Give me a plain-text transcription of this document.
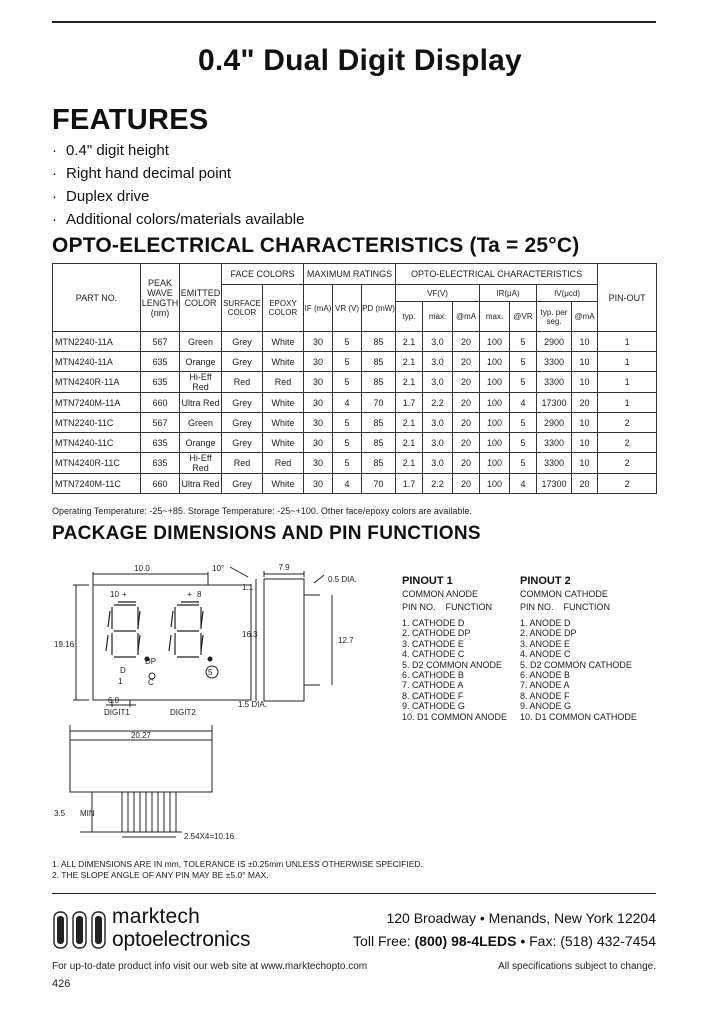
0.4" Dual Digit Display
FEATURES
· 0.4" digit height
· Right hand decimal point
· Duplex drive
· Additional colors/materials available
OPTO-ELECTRICAL CHARACTERISTICS (Ta = 25°C)
PART NO.	PEAK WAVE LENGTH (nm)	EMITTED COLOR	FACE COLORS		MAXIMUM RATINGS			OPTO-ELECTRICAL CHARACTERISTICS							PIN-OUT
			SURFACE COLOR	EPOXY COLOR	IF (mA)	VR (V)	PD (mW)	VF(V)			IR(μA)		IV(μcd)		
								typ.	max.	@mA	max.	@VR	typ. per seg.	@mA	
MTN2240-11A	567	Green	Grey	White	30	5	85	2.1	3.0	20	100	5	2900	10	1
MTN4240-11A	635	Orange	Grey	White	30	5	85	2.1	3.0	20	100	5	3300	10	1
MTN4240R-11A	635	Hi-Eff Red	Red	Red	30	5	85	2.1	3.0	20	100	5	3300	10	1
MTN7240M-11A	660	Ultra Red	Grey	White	30	4	70	1.7	2.2	20	100	4	17300	20	1
MTN2240-11C	567	Green	Grey	White	30	5	85	2.1	3.0	20	100	5	2900	10	2
MTN4240-11C	635	Orange	Grey	White	30	5	85	2.1	3.0	20	100	5	3300	10	2
MTN4240R-11C	635	Hi-Eff Red	Red	Red	30	5	85	2.1	3.0	20	100	5	3300	10	2
MTN7240M-11C	660	Ultra Red	Grey	White	30	4	70	1.7	2.2	20	100	4	17300	20	2
Operating Temperature: -25~+85. Storage Temperature: -25~+100. Other face/epoxy colors are available.
PACKAGE DIMENSIONS AND PIN FUNCTIONS
10.0	10°
10 +	+ 8
19.16
D
DP
C
1
5
6.0
DIGIT1	DIGIT2
7.9
0.5 DIA.
1.1
16.3
12.7
1.5 DIA.
20.27
3.5 MIN
2.54X4=10.16
PINOUT 1
COMMON ANODE
PIN NO. FUNCTION
1. CATHODE D
2. CATHODE DP
3. CATHODE E
4. CATHODE C
5. D2 COMMON ANODE
6. CATHODE B
7. CATHODE A
8. CATHODE F
9. CATHODE G
10. D1 COMMON ANODE
PINOUT 2
COMMON CATHODE
PIN NO. FUNCTION
1. ANODE D
2. ANODE DP
3. ANODE E
4. ANODE C
5. D2 COMMON CATHODE
6. ANODE B
7. ANODE A
8. ANODE F
9. ANODE G
10. D1 COMMON CATHODE
1. ALL DIMENSIONS ARE IN mm, TOLERANCE IS ±0.25mm UNLESS OTHERWISE SPECIFIED.
2. THE SLOPE ANGLE OF ANY PIN MAY BE ±5.0° MAX.
marktech
optoelectronics
120 Broadway • Menands, New York 12204
Toll Free: (800) 98-4LEDS • Fax: (518) 432-7454
For up-to-date product info visit our web site at www.marktechopto.com	All specifications subject to change.
426
